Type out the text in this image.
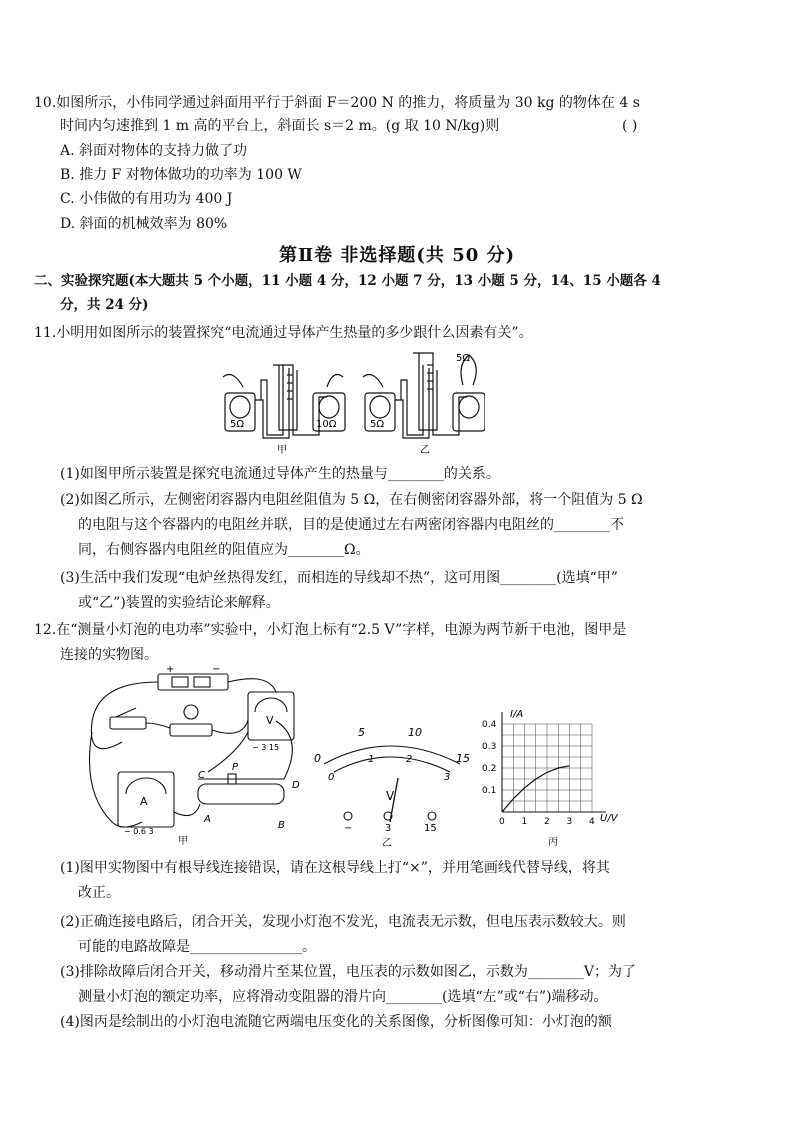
10.如图所示，小伟同学通过斜面用平行于斜面 F＝200 N 的推力，将质量为 30 kg 的物体在 4 s
时间内匀速推到 1 m 高的平台上，斜面长 s＝2 m。(g 取 10 N/kg)则	( )
A. 斜面对物体的支持力做了功
B. 推力 F 对物体做功的功率为 100 W
C. 小伟做的有用功为 400 J
D. 斜面的机械效率为 80%
第Ⅱ卷 非选择题(共 50 分)
二、实验探究题(本大题共 5 个小题，11 小题 4 分，12 小题 7 分，13 小题 5 分，14、15 小题各 4
分，共 24 分)
11.小明用如图所示的装置探究“电流通过导体产生热量的多少跟什么因素有关”。
5Ω	10Ω
甲
5Ω
5Ω
乙
(1)如图甲所示装置是探究电流通过导体产生的热量与________的关系。
(2)如图乙所示，左侧密闭容器内电阻丝阻值为 5 Ω，在右侧密闭容器外部，将一个阻值为 5 Ω
的电阻与这个容器内的电阻丝并联，目的是使通过左右两密闭容器内电阻丝的________不
同，右侧容器内电阻丝的阻值应为________Ω。
(3)生活中我们发现“电炉丝热得发红，而相连的导线却不热”，这可用图________(选填“甲”
或“乙”)装置的实验结论来解释。
12.在“测量小灯泡的电功率”实验中，小灯泡上标有“2.5 V”字样，电源为两节新干电池，图甲是
连接的实物图。
+	−
V
− 3 15
A
− 0.6 3
C
P
D
A
B
甲
0
5	10
15
0
1	2
3
V
−	3	15
乙
0 1 2 3 4
0.1
0.2
0.3
0.4
I/A
U/V
丙
(1)图甲实物图中有根导线连接错误，请在这根导线上打“×”，并用笔画线代替导线，将其
改正。
(2)正确连接电路后，闭合开关，发现小灯泡不发光，电流表无示数，但电压表示数较大。则
可能的电路故障是________________。
(3)排除故障后闭合开关，移动滑片至某位置，电压表的示数如图乙，示数为________V；为了
测量小灯泡的额定功率，应将滑动变阻器的滑片向________(选填“左”或“右”)端移动。
(4)图丙是绘制出的小灯泡电流随它两端电压变化的关系图像，分析图像可知：小灯泡的额
